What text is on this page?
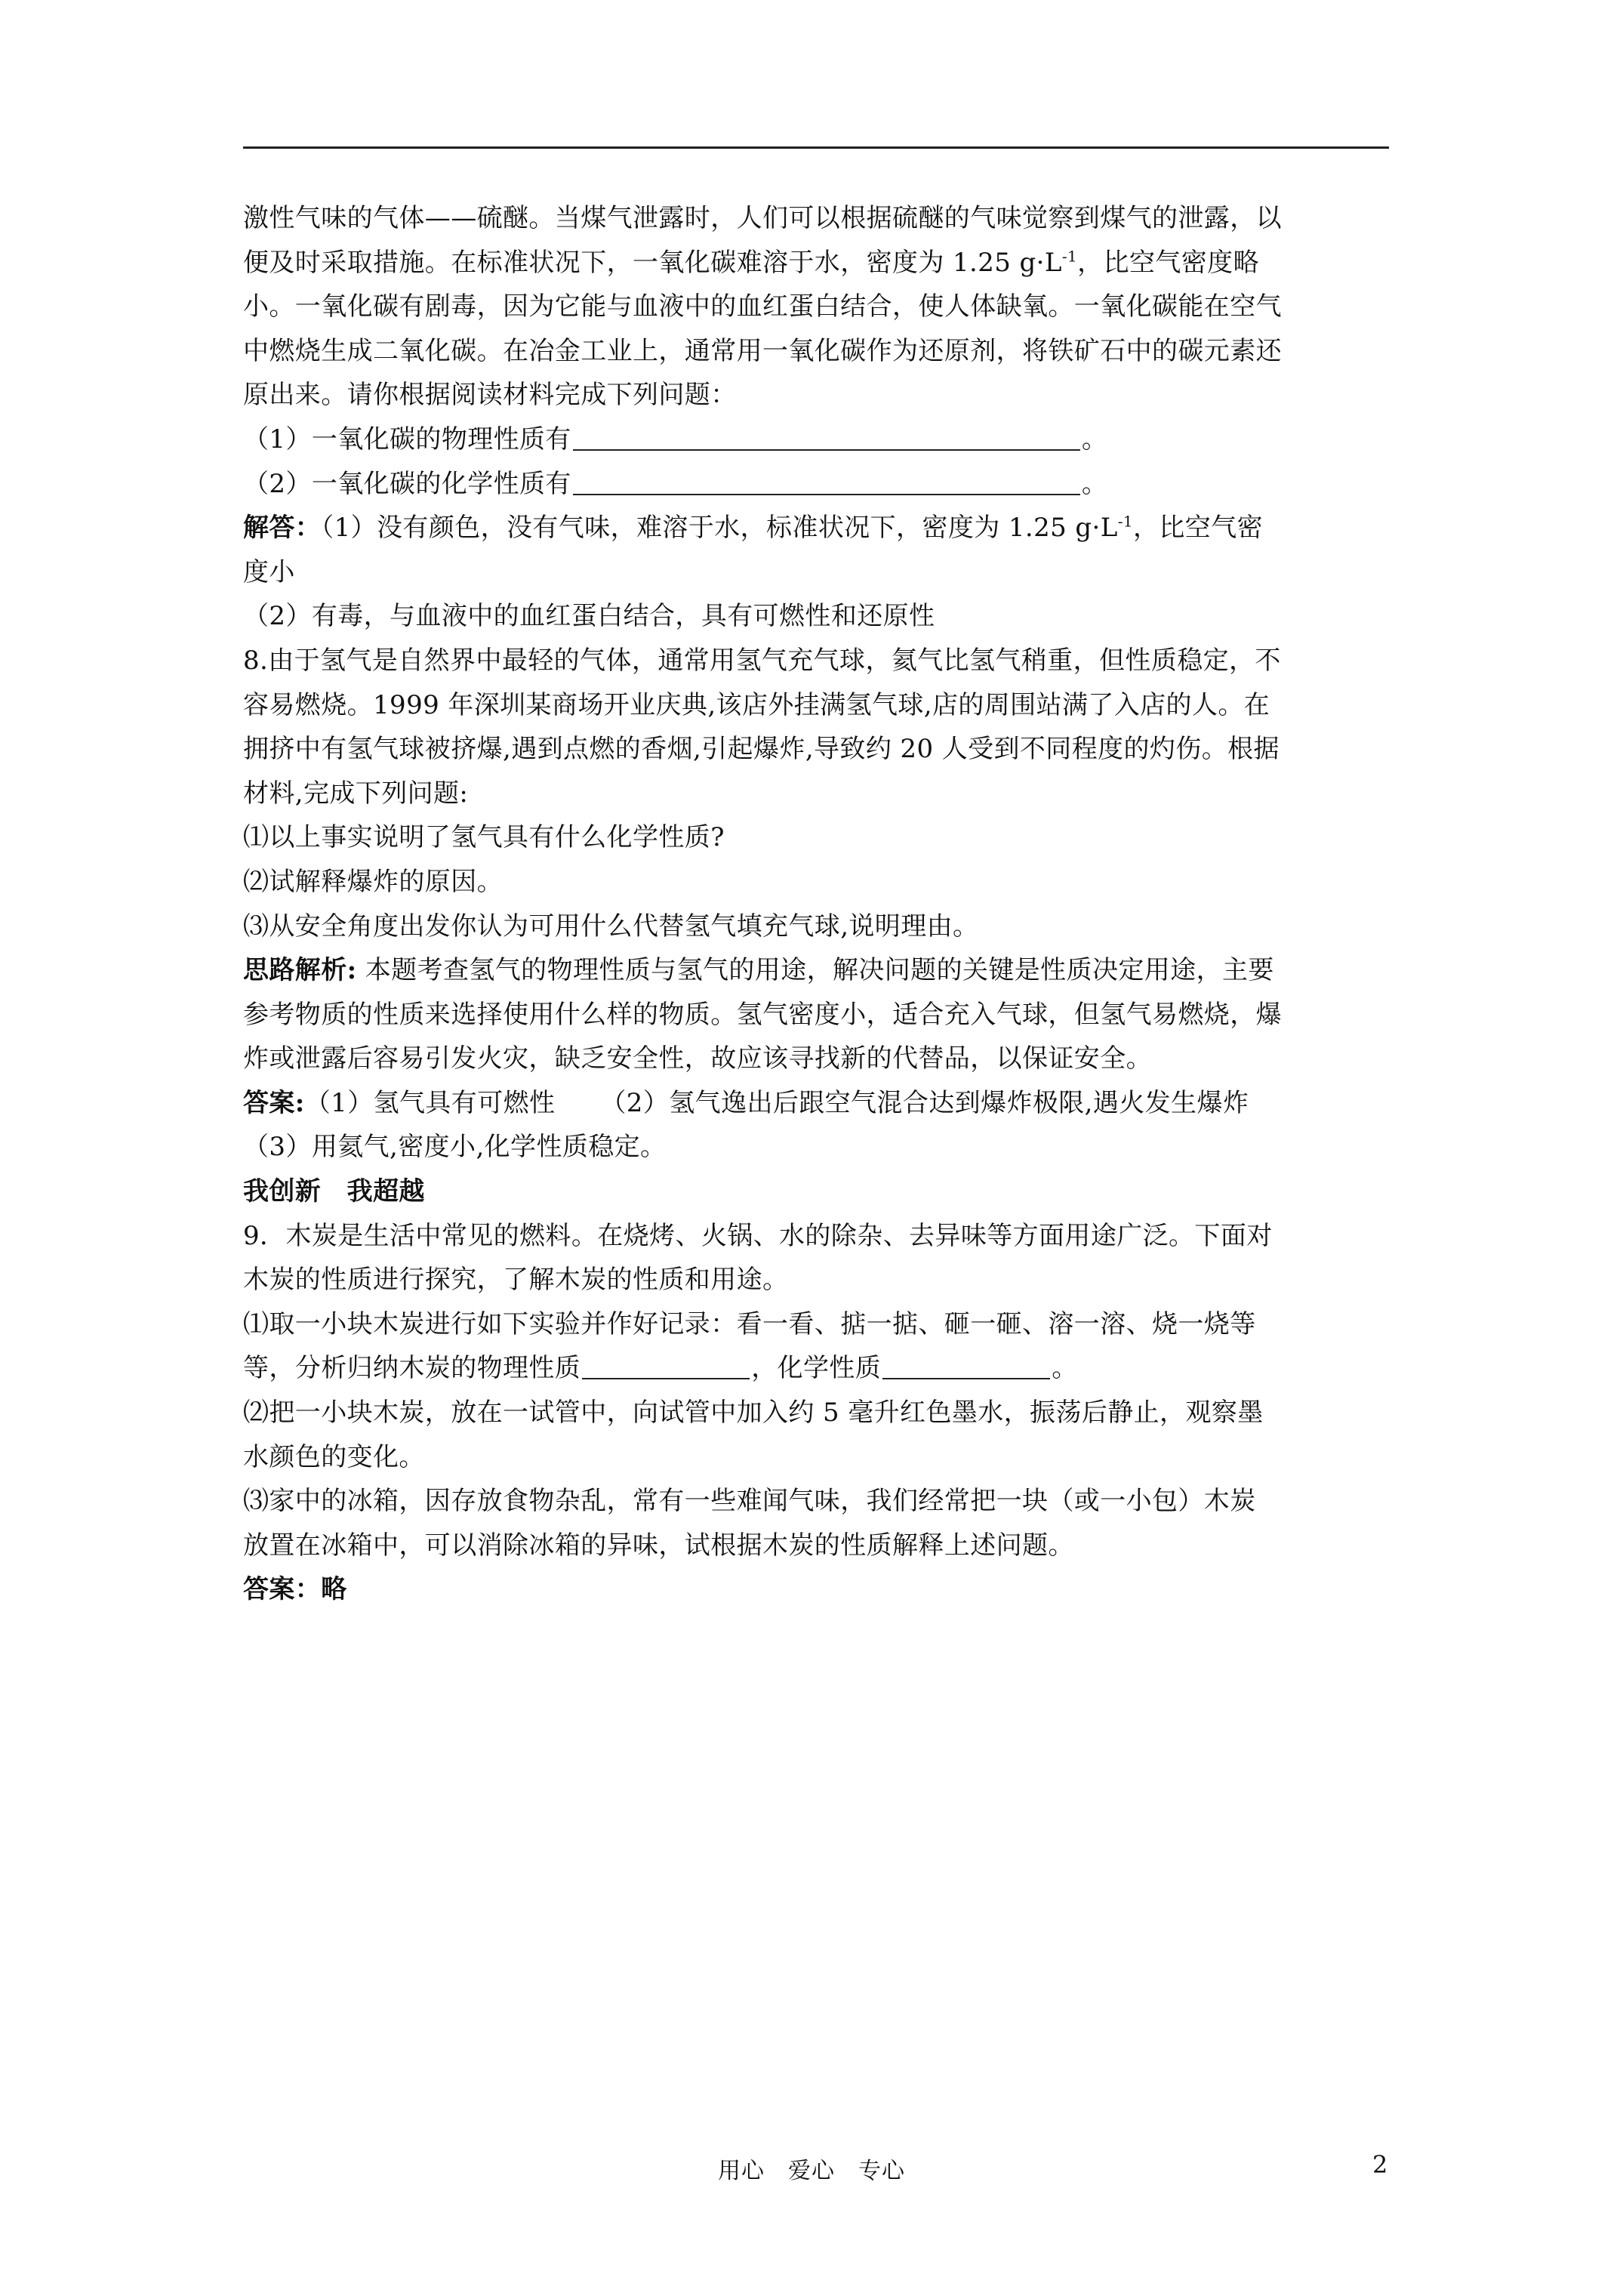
激性气味的气体——硫醚。当煤气泄露时，人们可以根据硫醚的气味觉察到煤气的泄露，以
便及时采取措施。在标准状况下，一氧化碳难溶于水，密度为 1.25 $g\cdot L^{-1}$，比空气密度略
小。一氧化碳有剧毒，因为它能与血液中的血红蛋白结合，使人体缺氧。一氧化碳能在空气
中燃烧生成二氧化碳。在冶金工业上，通常用一氧化碳作为还原剂，将铁矿石中的碳元素还
原出来。请你根据阅读材料完成下列问题：
（1）一氧化碳的物理性质有	。
（2）一氧化碳的化学性质有	。
解答：（1）没有颜色，没有气味，难溶于水，标准状况下，密度为 1.25 $g\cdot L^{-1}$，比空气密
度小
（2）有毒，与血液中的血红蛋白结合，具有可燃性和还原性
8.由于氢气是自然界中最轻的气体，通常用氢气充气球，氦气比氢气稍重，但性质稳定，不
容易燃烧。1999 年深圳某商场开业庆典,该店外挂满氢气球,店的周围站满了入店的人。在
拥挤中有氢气球被挤爆,遇到点燃的香烟,引起爆炸,导致约 20 人受到不同程度的灼伤。根据
材料,完成下列问题:
⑴以上事实说明了氢气具有什么化学性质?
⑵试解释爆炸的原因。
⑶从安全角度出发你认为可用什么代替氢气填充气球,说明理由。
思路解析: 本题考查氢气的物理性质与氢气的用途，解决问题的关键是性质决定用途，主要
参考物质的性质来选择使用什么样的物质。氢气密度小，适合充入气球，但氢气易燃烧，爆
炸或泄露后容易引发火灾，缺乏安全性，故应该寻找新的代替品，以保证安全。
答案:（1）氢气具有可燃性 （2）氢气逸出后跟空气混合达到爆炸极限,遇火发生爆炸
（3）用氦气,密度小,化学性质稳定。
我创新　我超越
9．木炭是生活中常见的燃料。在烧烤、火锅、水的除杂、去异味等方面用途广泛。下面对
木炭的性质进行探究，了解木炭的性质和用途。
⑴取一小块木炭进行如下实验并作好记录：看一看、掂一掂、砸一砸、溶一溶、烧一烧等
等，分析归纳木炭的物理性质	，化学性质	。
⑵把一小块木炭，放在一试管中，向试管中加入约 5 毫升红色墨水，振荡后静止，观察墨
水颜色的变化。
⑶家中的冰箱，因存放食物杂乱，常有一些难闻气味，我们经常把一块（或一小包）木炭
放置在冰箱中，可以消除冰箱的异味，试根据木炭的性质解释上述问题。
答案：略
用心　爱心　专心	2
